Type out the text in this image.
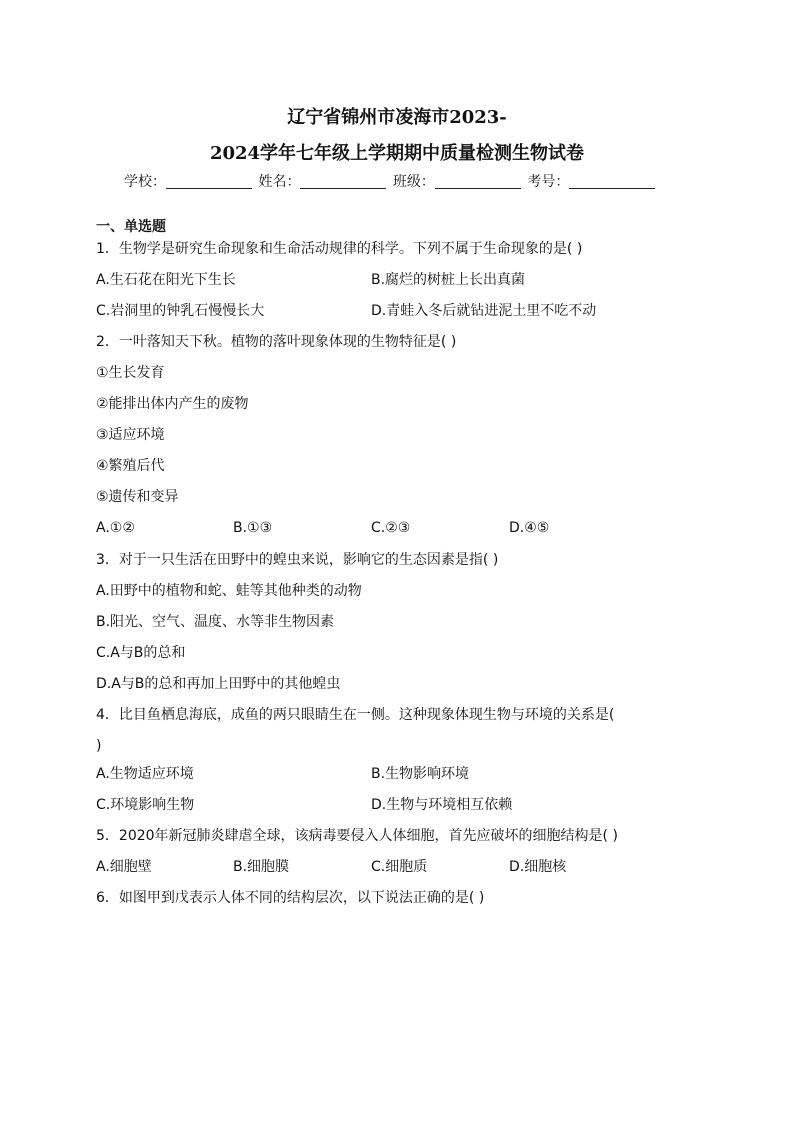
辽宁省锦州市凌海市2023-
2024学年七年级上学期期中质量检测生物试卷
学校：	姓名：	班级：	考号：
一、单选题
1．生物学是研究生命现象和生命活动规律的科学。下列不属于生命现象的是( )
A.生石花在阳光下生长	B.腐烂的树桩上长出真菌
C.岩洞里的钟乳石慢慢长大	D.青蛙入冬后就钻进泥土里不吃不动
2．一叶落知天下秋。植物的落叶现象体现的生物特征是( )
①生长发育
②能排出体内产生的废物
③适应环境
④繁殖后代
⑤遗传和变异
A.①②	B.①③	C.②③	D.④⑤
3．对于一只生活在田野中的蝗虫来说，影响它的生态因素是指( )
A.田野中的植物和蛇、蛙等其他种类的动物
B.阳光、空气、温度、水等非生物因素
C.A与B的总和
D.A与B的总和再加上田野中的其他蝗虫
4．比目鱼栖息海底，成鱼的两只眼睛生在一侧。这种现象体现生物与环境的关系是(
)
A.生物适应环境	B.生物影响环境
C.环境影响生物	D.生物与环境相互依赖
5．2020年新冠肺炎肆虐全球，该病毒要侵入人体细胞，首先应破坏的细胞结构是( )
A.细胞壁	B.细胞膜	C.细胞质	D.细胞核
6．如图甲到戊表示人体不同的结构层次，以下说法正确的是( )
